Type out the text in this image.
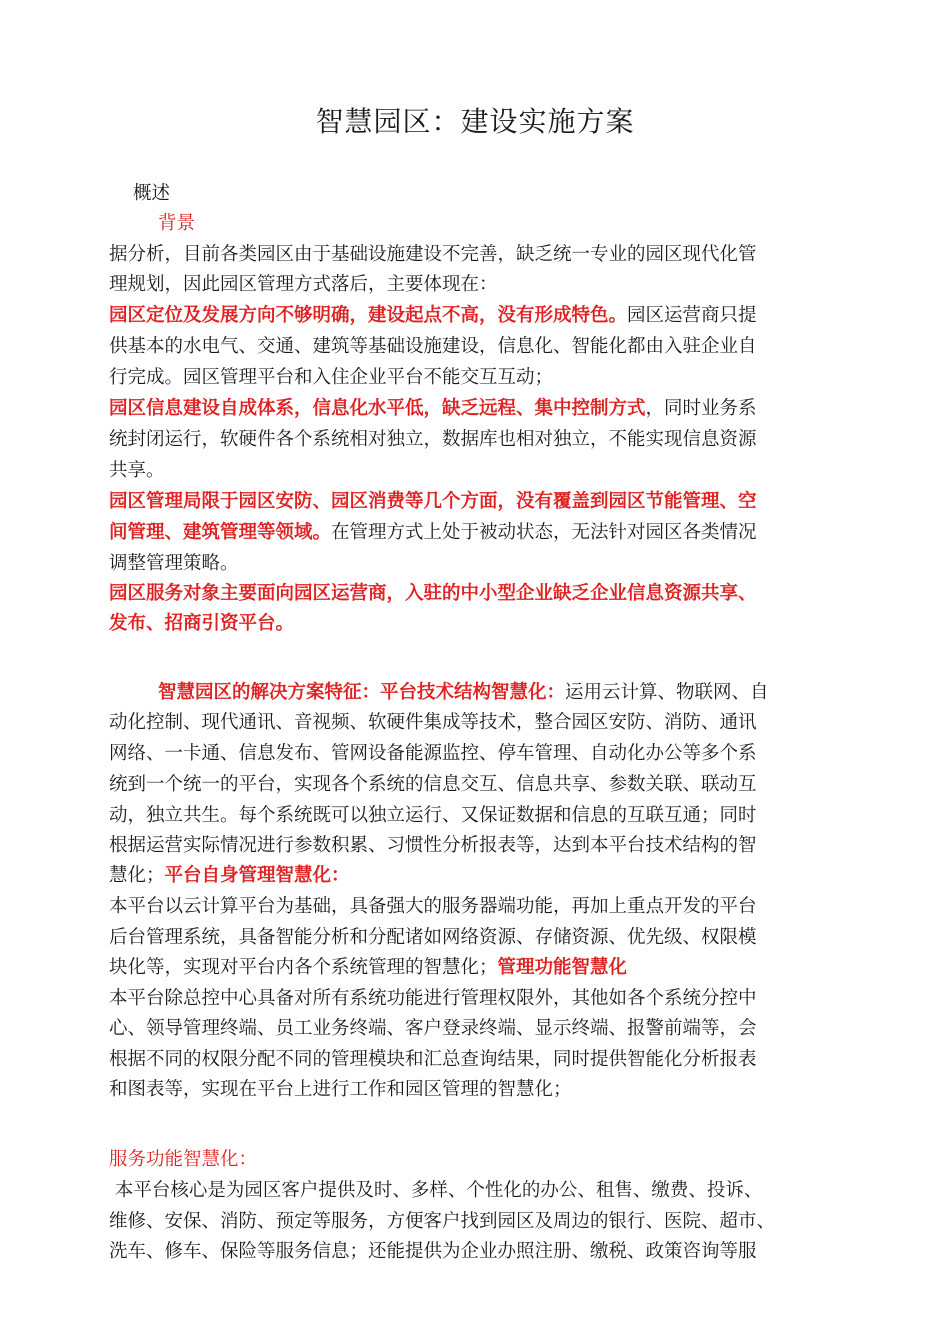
智慧园区：建设实施方案

概述

背景

据分析，目前各类园区由于基础设施建设不完善，缺乏统一专业的园区现代化管

理规划，因此园区管理方式落后，主要体现在：

园区定位及发展方向不够明确，建设起点不高，没有形成特色。园区运营商只提

供基本的水电气、交通、建筑等基础设施建设，信息化、智能化都由入驻企业自

行完成。园区管理平台和入住企业平台不能交互互动；

园区信息建设自成体系，信息化水平低，缺乏远程、集中控制方式，同时业务系

统封闭运行，软硬件各个系统相对独立，数据库也相对独立，不能实现信息资源

共享。

园区管理局限于园区安防、园区消费等几个方面，没有覆盖到园区节能管理、空

间管理、建筑管理等领域。在管理方式上处于被动状态，无法针对园区各类情况

调整管理策略。

园区服务对象主要面向园区运营商，入驻的中小型企业缺乏企业信息资源共享、

发布、招商引资平台。

智慧园区的解决方案特征：平台技术结构智慧化：运用云计算、物联网、自

动化控制、现代通讯、音视频、软硬件集成等技术，整合园区安防、消防、通讯

网络、一卡通、信息发布、管网设备能源监控、停车管理、自动化办公等多个系

统到一个统一的平台，实现各个系统的信息交互、信息共享、参数关联、联动互

动，独立共生。每个系统既可以独立运行、又保证数据和信息的互联互通；同时

根据运营实际情况进行参数积累、习惯性分析报表等，达到本平台技术结构的智

慧化；平台自身管理智慧化：

本平台以云计算平台为基础，具备强大的服务器端功能，再加上重点开发的平台

后台管理系统，具备智能分析和分配诸如网络资源、存储资源、优先级、权限模

块化等，实现对平台内各个系统管理的智慧化；管理功能智慧化

本平台除总控中心具备对所有系统功能进行管理权限外，其他如各个系统分控中

心、领导管理终端、员工业务终端、客户登录终端、显示终端、报警前端等，会

根据不同的权限分配不同的管理模块和汇总查询结果，同时提供智能化分析报表

和图表等，实现在平台上进行工作和园区管理的智慧化；

服务功能智慧化：

本平台核心是为园区客户提供及时、多样、个性化的办公、租售、缴费、投诉、

维修、安保、消防、预定等服务，方便客户找到园区及周边的银行、医院、超市、

洗车、修车、保险等服务信息；还能提供为企业办照注册、缴税、政策咨询等服
